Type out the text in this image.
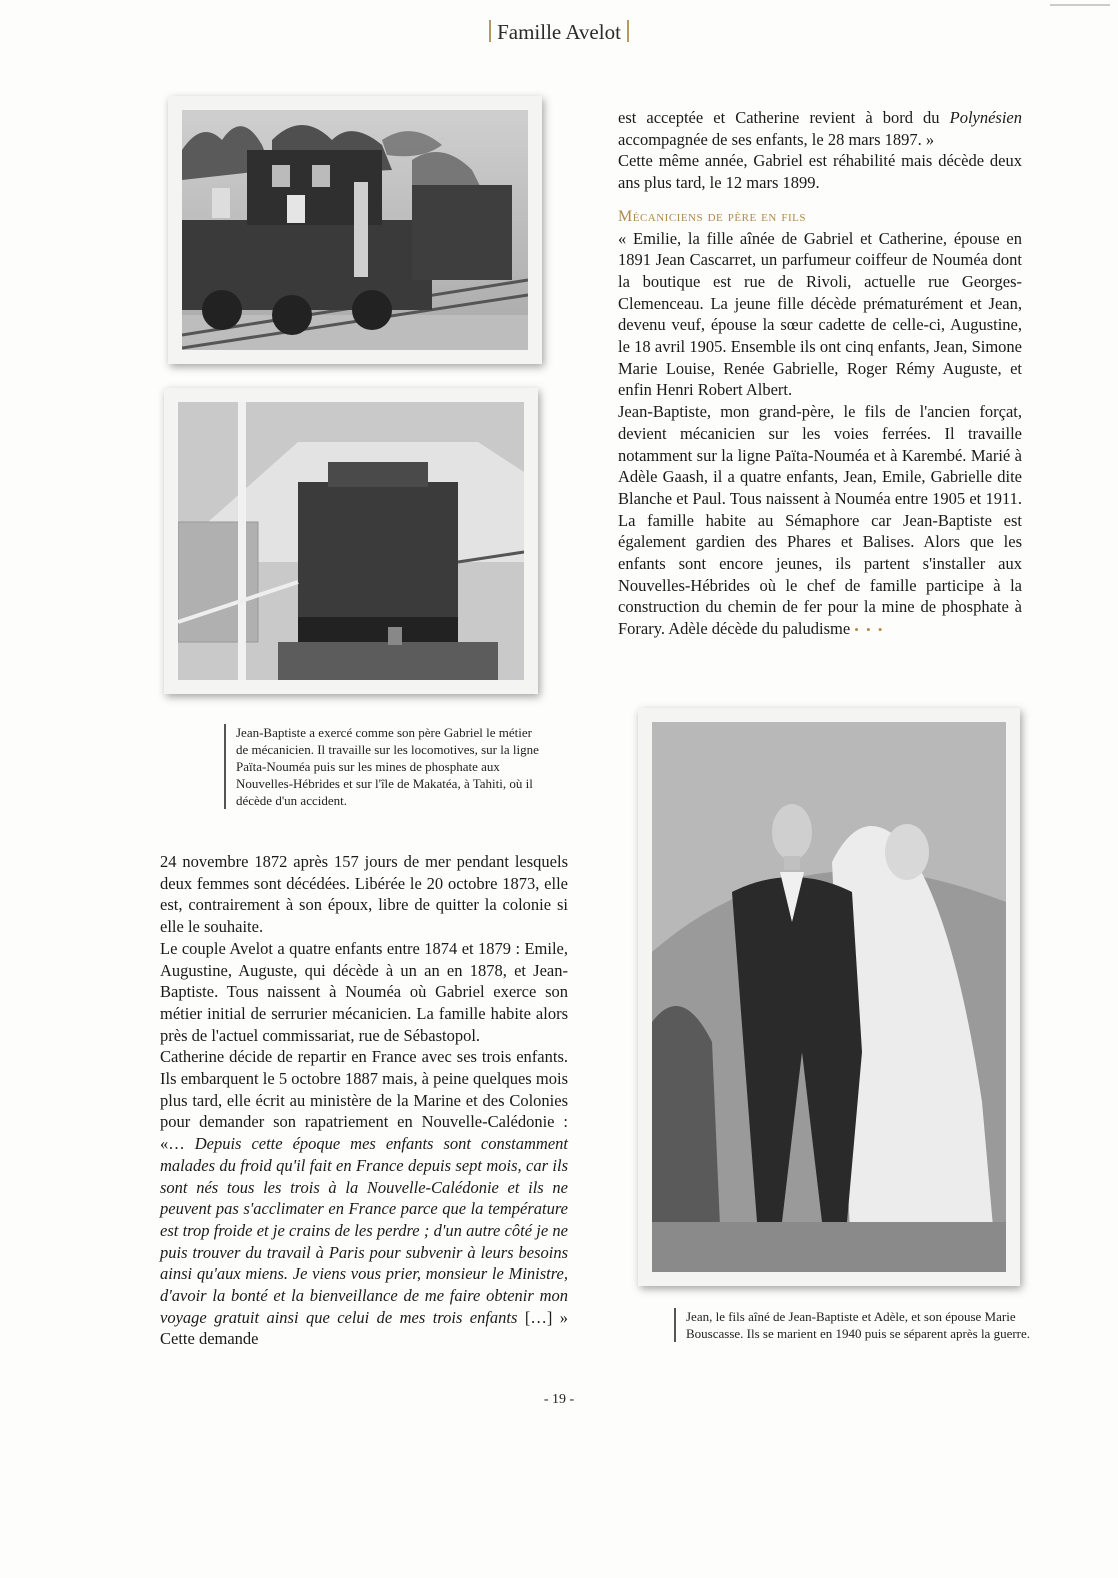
Famille Avelot

est acceptée et Catherine revient à bord du Polynésien accompagnée de ses enfants, le 28 mars 1897. »

Cette même année, Gabriel est réhabilité mais décède deux ans plus tard, le 12 mars 1899.

Mécaniciens de père en fils

« Emilie, la fille aînée de Gabriel et Catherine, épouse en 1891 Jean Cascarret, un parfumeur coiffeur de Nouméa dont la boutique est rue de Rivoli, actuelle rue Georges-Clemenceau. La jeune fille décède prématurément et Jean, devenu veuf, épouse la sœur cadette de celle-ci, Augustine, le 18 avril 1905. Ensemble ils ont cinq enfants, Jean, Simone Marie Louise, Renée Gabrielle, Roger Rémy Auguste, et enfin Henri Robert Albert.

Jean-Baptiste, mon grand-père, le fils de l'ancien forçat, devient mécanicien sur les voies ferrées. Il travaille notamment sur la ligne Païta-Nouméa et à Karembé. Marié à Adèle Gaash, il a quatre enfants, Jean, Emile, Gabrielle dite Blanche et Paul. Tous naissent à Nouméa entre 1905 et 1911. La famille habite au Sémaphore car Jean-Baptiste est également gardien des Phares et Balises. Alors que les enfants sont encore jeunes, ils partent s'installer aux Nouvelles-Hébrides où le chef de famille participe à la construction du chemin de fer pour la mine de phosphate à Forary. Adèle décède du paludisme • • •

Jean-Baptiste a exercé comme son père Gabriel le métier de mécanicien. Il travaille sur les locomotives, sur la ligne Païta-Nouméa puis sur les mines de phosphate aux Nouvelles-Hébrides et sur l'île de Makatéa, à Tahiti, où il décède d'un accident.

24 novembre 1872 après 157 jours de mer pendant lesquels deux femmes sont décédées. Libérée le 20 octobre 1873, elle est, contrairement à son époux, libre de quitter la colonie si elle le souhaite.

Le couple Avelot a quatre enfants entre 1874 et 1879 : Emile, Augustine, Auguste, qui décède à un an en 1878, et Jean-Baptiste. Tous naissent à Nouméa où Gabriel exerce son métier initial de serrurier mécanicien. La famille habite alors près de l'actuel commissariat, rue de Sébastopol.

Catherine décide de repartir en France avec ses trois enfants. Ils embarquent le 5 octobre 1887 mais, à peine quelques mois plus tard, elle écrit au ministère de la Marine et des Colonies pour demander son rapatriement en Nouvelle-Calédonie : «… Depuis cette époque mes enfants sont constamment malades du froid qu'il fait en France depuis sept mois, car ils sont nés tous les trois à la Nouvelle-Calédonie et ils ne peuvent pas s'acclimater en France parce que la température est trop froide et je crains de les perdre ; d'un autre côté je ne puis trouver du travail à Paris pour subvenir à leurs besoins ainsi qu'aux miens. Je viens vous prier, monsieur le Ministre, d'avoir la bonté et la bienveillance de me faire obtenir mon voyage gratuit ainsi que celui de mes trois enfants […] » Cette demande

Jean, le fils aîné de Jean-Baptiste et Adèle, et son épouse Marie Bouscasse. Ils se marient en 1940 puis se séparent après la guerre.
- 19 -
